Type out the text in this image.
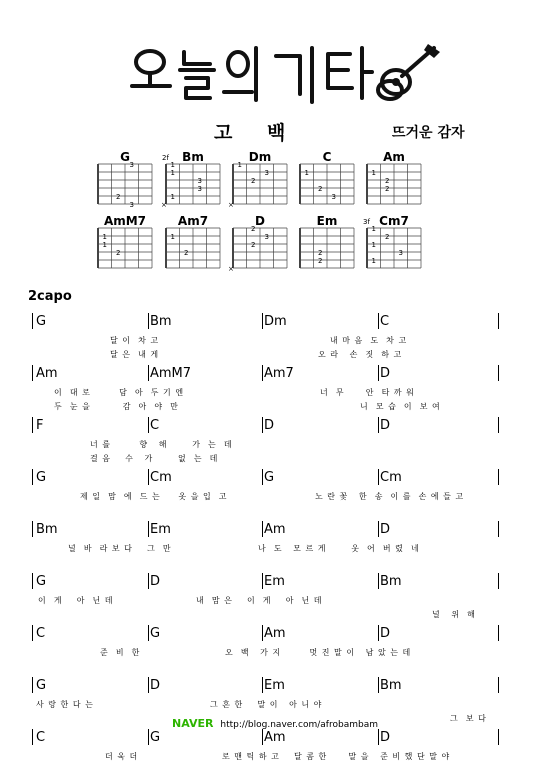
고 백	뜨거운 감자
G
3
2
3
Bm
2f
1
1
3
3
1
×
Dm
1
3
2
×
C
1
2
3
Am
1
2
2
AmM7
1
1
2
Am7
1
2
D
2
3
2
×
Em
2
2
Cm7
3f
1
2
1
3
1
2capo
G	Bm	Dm	C
달 이  차 고	내 마 음  도  차 고
달 은  내 게	오 라   손  짓  하 고
Am	AmM7	Am7	D
이  대 로        담  아  두 기 엔	너  무      안  타 까 워
두  눈 을         감  아  야  만	니  모 습  이  보 여
F	C	D	D
너 를        향   해       가  는  데
걸 음    수   가       없  는  데
G	Cm	G	Cm
제 일  맘  에  드 는     옷 을 입  고	노 란 꽃   한  송  이 를  손 에 들 고
Bm	Em	Am	D
널  바  라 보 다    그  만	나  도   모 르 게       웃  어  버 렸  네
G	D	Em	Bm
이  게    아  닌 데	내  맘 은    이  게    아  닌 데
널   위  해
C	G	Am	D
준  비  한	오  백   가 지        멋 진 말 이   남 았 는 데
G	D	Em	Bm
사 랑 한 다 는	그 흔 한    말 이   아 니 야
그  보 다
C	G	Am	D
더 욱 더	로 맨 틱 하 고    달 콤 한      말 을   준 비 했 단 말 야
NAVER http://blog.naver.com/afrobambam
